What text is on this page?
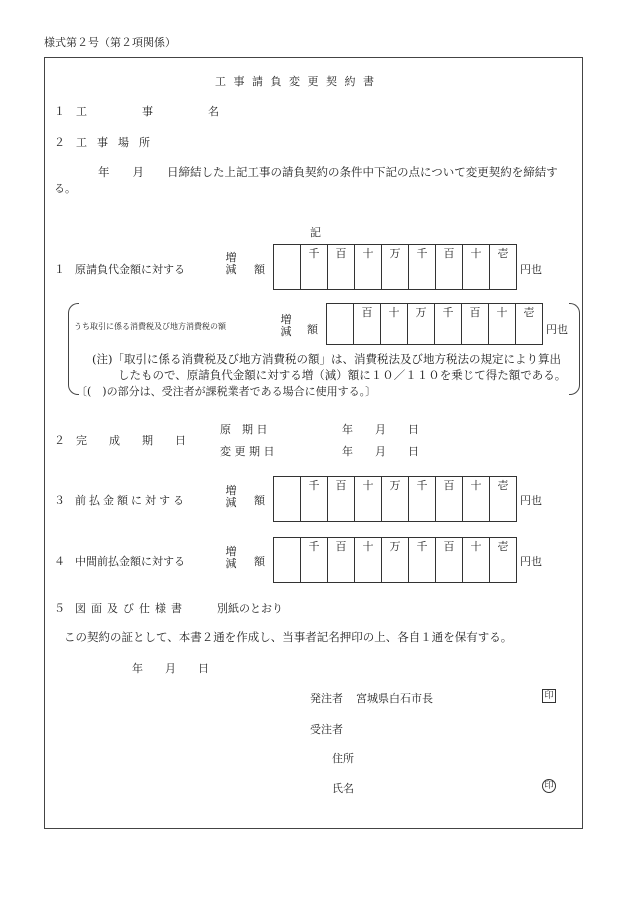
様式第２号（第２項関係）
工 事 請 負 変 更 契 約 書
１ 工　事　名
２ 工事場所
年　　月　　日締結した上記工事の請負契約の条件中下記の点について変更契約を締結す
る。
記
１ 原請負代金額に対する
増
減 額
	千	百	十	万	千	百	十	壱
円也
うち取引に係る消費税及び地方消費税の額
増
減 額
	百	十	万	千	百	十	壱
円也
(注)「取引に係る消費税及び地方消費税の額」は、消費税法及び地方税法の規定により算出
したもので、原請負代金額に対する増（減）額に１０／１１０を乗じて得た額である。
〔(　)の部分は、受注者が課税業者である場合に使用する。〕
２ 完成期日
原　期 日	年　　月　　日
変 更 期 日	年　　月　　日
３ 前払金額に対する
増
減 額
	千	百	十	万	千	百	十	壱
円也
４ 中間前払金額に対する
増
減 額
	千	百	十	万	千	百	十	壱
円也
５ 図面及び仕様書	別紙のとおり
この契約の証として、本書２通を作成し、当事者記名押印の上、各自１通を保有する。
年　　月　　日
発注者 宮城県白石市長	印
受注者
住所
氏名	印
